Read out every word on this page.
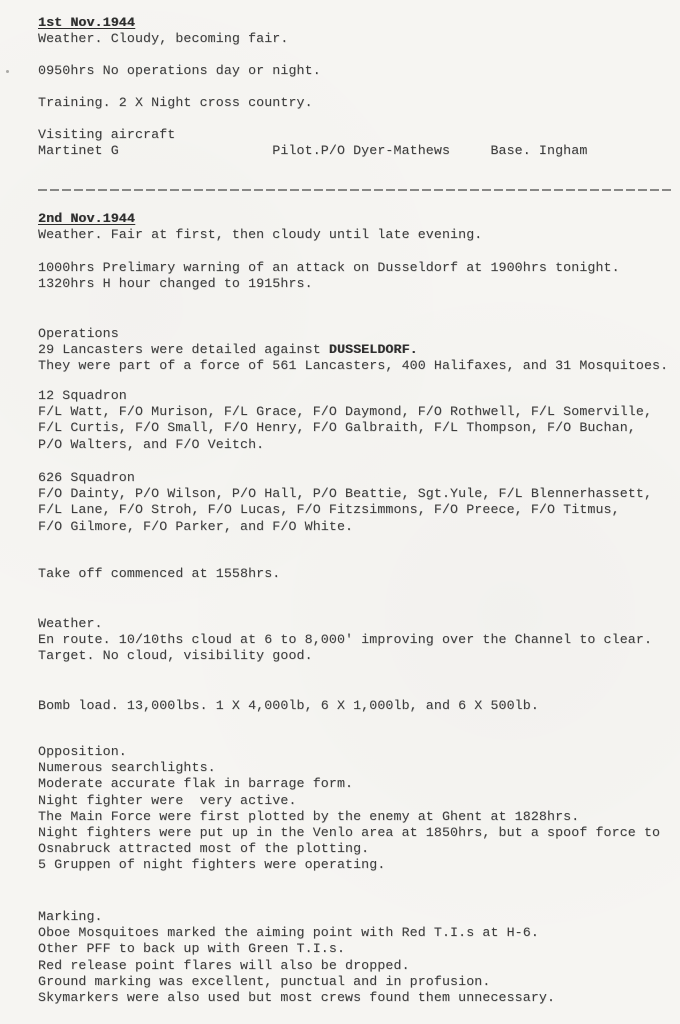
1st Nov.1944
Weather. Cloudy, becoming fair.
0950hrs No operations day or night.
Training. 2 X Night cross country.
Visiting aircraft
Martinet G                   Pilot.P/O Dyer-Mathews     Base. Ingham
2nd Nov.1944
Weather. Fair at first, then cloudy until late evening.
1000hrs Prelimary warning of an attack on Dusseldorf at 1900hrs tonight.
1320hrs H hour changed to 1915hrs.
Operations
29 Lancasters were detailed against DUSSELDORF.
They were part of a force of 561 Lancasters, 400 Halifaxes, and 31 Mosquitoes.
12 Squadron
F/L Watt, F/O Murison, F/L Grace, F/O Daymond, F/O Rothwell, F/L Somerville,
F/L Curtis, F/O Small, F/O Henry, F/O Galbraith, F/L Thompson, F/O Buchan,
P/O Walters, and F/O Veitch.
626 Squadron
F/O Dainty, P/O Wilson, P/O Hall, P/O Beattie, Sgt.Yule, F/L Blennerhassett,
F/L Lane, F/O Stroh, F/O Lucas, F/O Fitzsimmons, F/O Preece, F/O Titmus,
F/O Gilmore, F/O Parker, and F/O White.
Take off commenced at 1558hrs.
Weather.
En route. 10/10ths cloud at 6 to 8,000' improving over the Channel to clear.
Target. No cloud, visibility good.
Bomb load. 13,000lbs. 1 X 4,000lb, 6 X 1,000lb, and 6 X 500lb.
Opposition.
Numerous searchlights.
Moderate accurate flak in barrage form.
Night fighter were  very active.
The Main Force were first plotted by the enemy at Ghent at 1828hrs.
Night fighters were put up in the Venlo area at 1850hrs, but a spoof force to
Osnabruck attracted most of the plotting.
5 Gruppen of night fighters were operating.
Marking.
Oboe Mosquitoes marked the aiming point with Red T.I.s at H-6.
Other PFF to back up with Green T.I.s.
Red release point flares will also be dropped.
Ground marking was excellent, punctual and in profusion.
Skymarkers were also used but most crews found them unnecessary.
